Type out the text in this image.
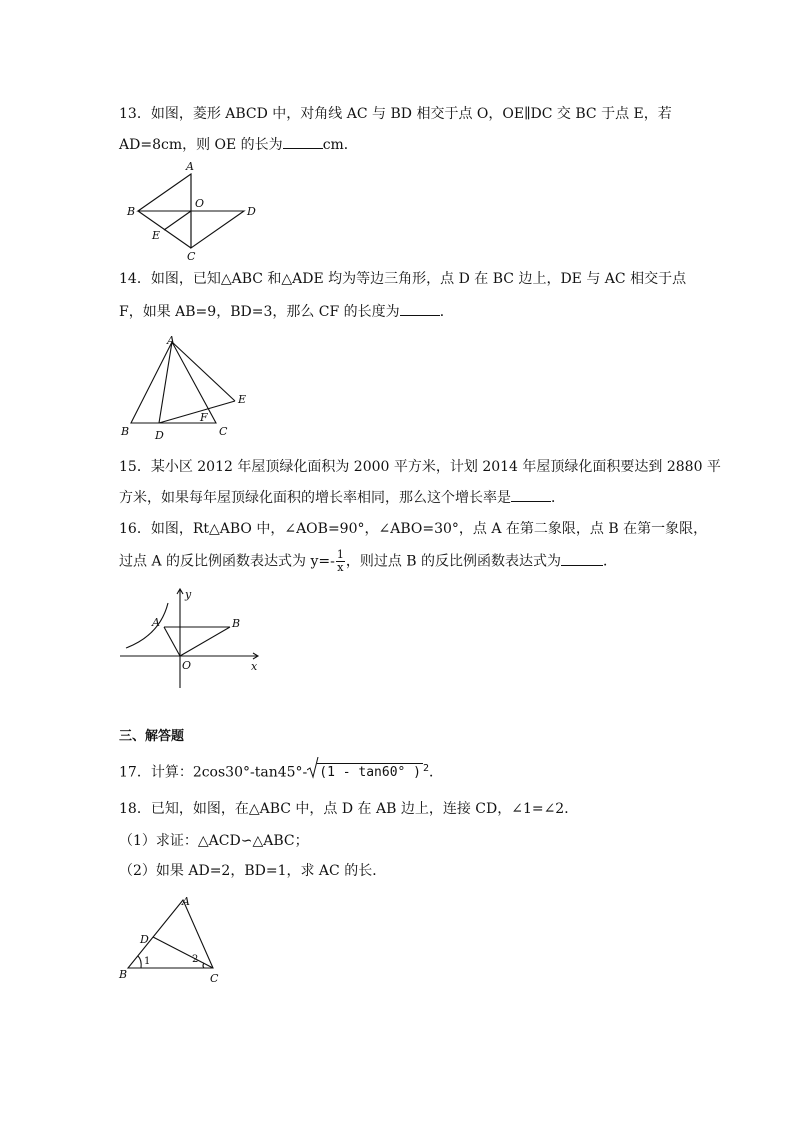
13．如图，菱形 ABCD 中，对角线 AC 与 BD 相交于点 O，OE∥DC 交 BC 于点 E，若
AD=8cm，则 OE 的长为	cm．
A
B	D
C
O
E
14．如图，已知△ABC 和△ADE 均为等边三角形，点 D 在 BC 边上，DE 与 AC 相交于点
F，如果 AB=9，BD=3，那么 CF 的长度为	．
A
B D	C
E
F
15．某小区 2012 年屋顶绿化面积为 2000 平方米，计划 2014 年屋顶绿化面积要达到 2880 平
方米，如果每年屋顶绿化面积的增长率相同，那么这个增长率是	．
16．如图，Rt△ABO 中，∠AOB=90°，∠ABO=30°，点 A 在第二象限，点 B 在第一象限，
过点 A 的反比例函数表达式为 $y=- \frac{1}{x}$ ，则过点 B 的反比例函数表达式为	．
A	B
O	x
y
三、解答题
17．计算：2cos30°-tan45°- (1 - tan60° ) $^2$．
18．已知，如图，在△ABC 中，点 D 在 AB 边上，连接 CD，∠1=∠2．
（1）求证：△ACD∽△ABC；
（2）如果 AD=2，BD=1，求 AC 的长．
A
D
B	C
1	2
